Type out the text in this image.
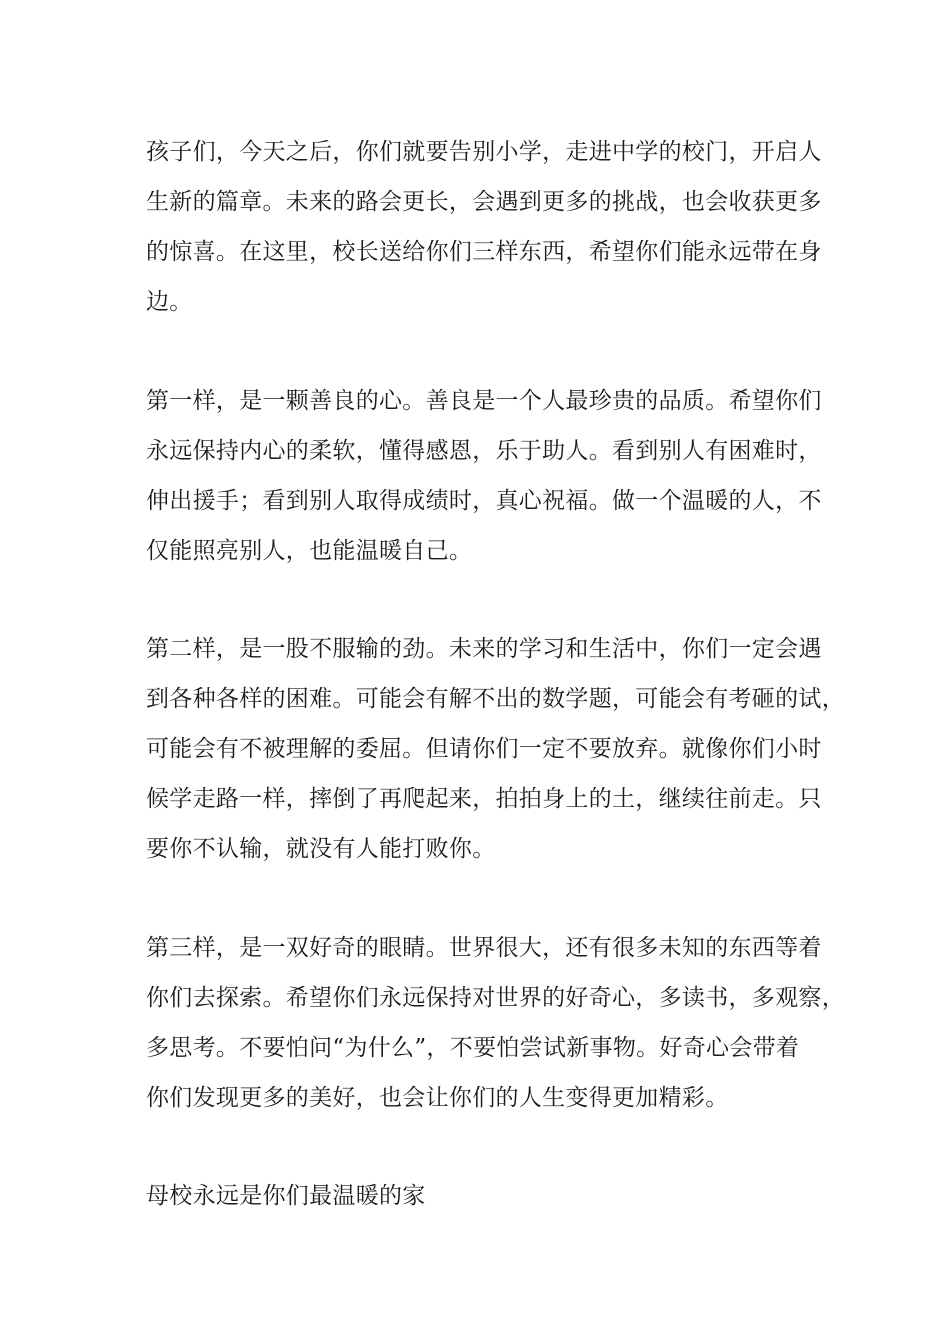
孩子们，今天之后，你们就要告别小学，走进中学的校门，开启人
生新的篇章。未来的路会更长，会遇到更多的挑战，也会收获更多
的惊喜。在这里，校长送给你们三样东西，希望你们能永远带在身
边。
第一样，是一颗善良的心。善良是一个人最珍贵的品质。希望你们
永远保持内心的柔软，懂得感恩，乐于助人。看到别人有困难时，
伸出援手；看到别人取得成绩时，真心祝福。做一个温暖的人，不
仅能照亮别人，也能温暖自己。
第二样，是一股不服输的劲。未来的学习和生活中，你们一定会遇
到各种各样的困难。可能会有解不出的数学题，可能会有考砸的试，
可能会有不被理解的委屈。但请你们一定不要放弃。就像你们小时
候学走路一样，摔倒了再爬起来，拍拍身上的土，继续往前走。只
要你不认输，就没有人能打败你。
第三样，是一双好奇的眼睛。世界很大，还有很多未知的东西等着
你们去探索。希望你们永远保持对世界的好奇心，多读书，多观察，
多思考。不要怕问“为什么”，不要怕尝试新事物。好奇心会带着
你们发现更多的美好，也会让你们的人生变得更加精彩。
母校永远是你们最温暖的家
